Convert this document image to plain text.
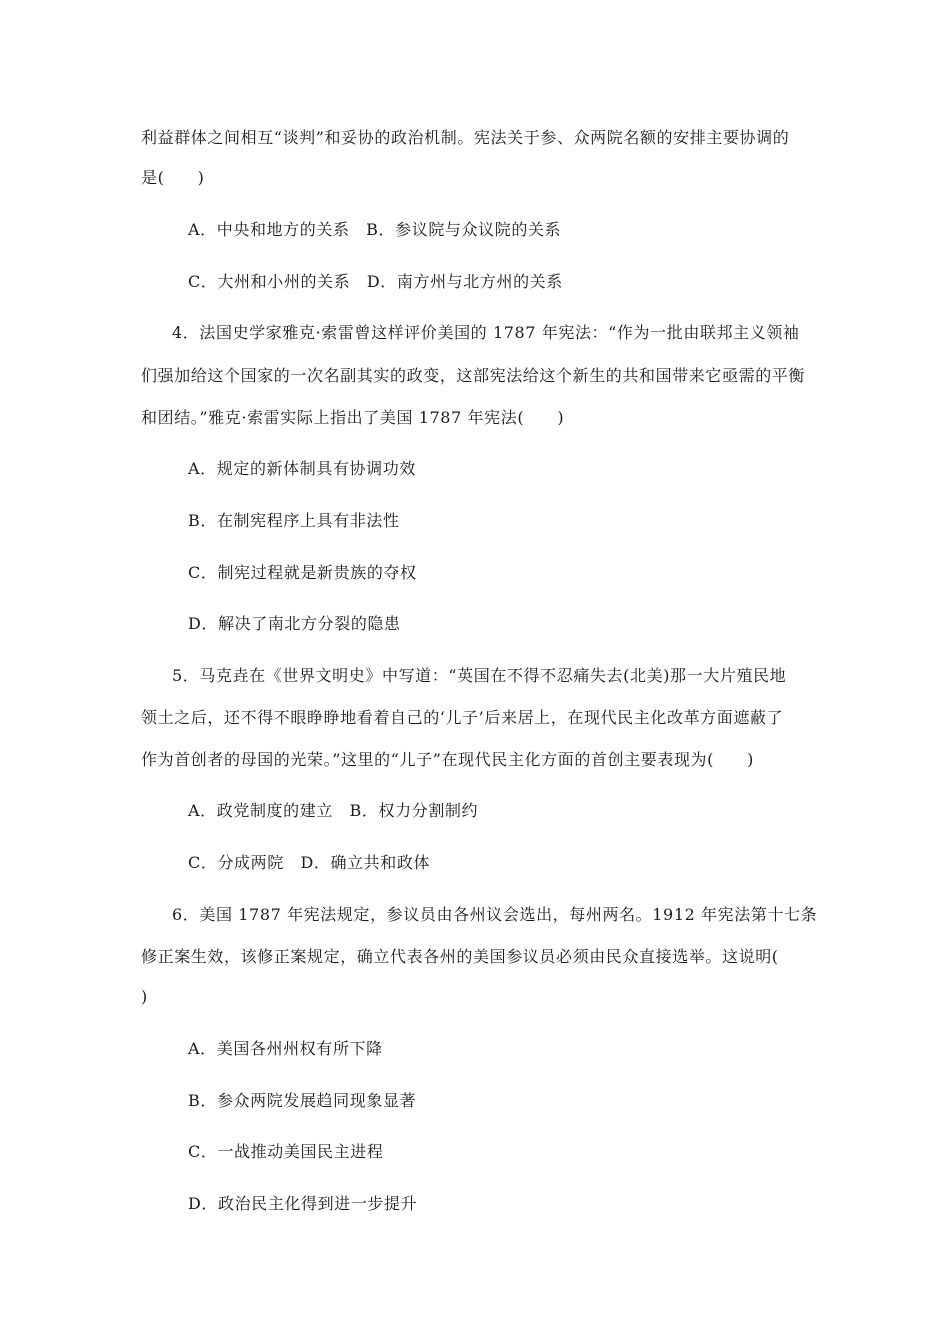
利益群体之间相互“谈判”和妥协的政治机制。宪法关于参、众两院名额的安排主要协调的
是(　　)
A．中央和地方的关系　B．参议院与众议院的关系
C．大州和小州的关系　D．南方州与北方州的关系
4．法国史学家雅克·索雷曾这样评价美国的 1787 年宪法：“作为一批由联邦主义领袖
们强加给这个国家的一次名副其实的政变，这部宪法给这个新生的共和国带来它亟需的平衡
和团结。”雅克·索雷实际上指出了美国 1787 年宪法(　　)
A．规定的新体制具有协调功效
B．在制宪程序上具有非法性
C．制宪过程就是新贵族的夺权
D．解决了南北方分裂的隐患
5．马克垚在《世界文明史》中写道：“英国在不得不忍痛失去(北美)那一大片殖民地
领土之后，还不得不眼睁睁地看着自己的‘儿子’后来居上，在现代民主化改革方面遮蔽了
作为首创者的母国的光荣。”这里的“儿子”在现代民主化方面的首创主要表现为(　　)
A．政党制度的建立　B．权力分割制约
C．分成两院　D．确立共和政体
6．美国 1787 年宪法规定，参议员由各州议会选出，每州两名。1912 年宪法第十七条
修正案生效，该修正案规定，确立代表各州的美国参议员必须由民众直接选举。这说明(
)
A．美国各州州权有所下降
B．参众两院发展趋同现象显著
C．一战推动美国民主进程
D．政治民主化得到进一步提升
